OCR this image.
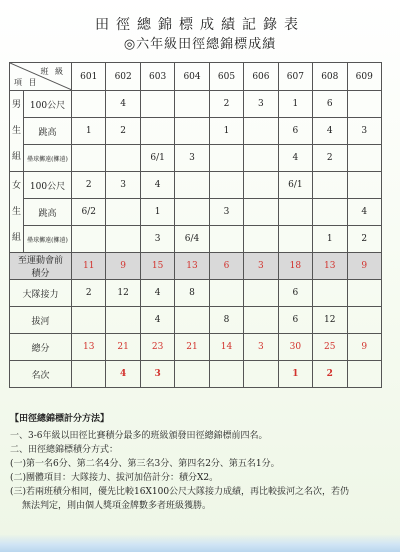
田徑總錦標成績記錄表
◎六年級田徑總錦標成績
班 級
項 目		601	602	603	604	605	606	607	608	609

男
生
組	100公尺		4			2	3	1	6	
	跳高	1	2			1		6	4	3
	壘球擲遠(擲遠)			6/1	3			4	2	

女
生
組	100公尺	2	3	4				6/1		
	跳高	6/2		1		3				4
	壘球擲遠(擲遠)			3	6/4				1	2

至運動會前
積分		11	9	15	13	6	3	18	13	9
大隊接力		2	12	4	8			6		
拔河				4		8		6	12	
總分		13	21	23	21	14	3	30	25	9
名次			4	3				1	2	
【田徑總錦標計分方法】
一、3-6年級以田徑比賽積分最多的班級頒發田徑總錦標前四名。
二、田徑總錦標積分方式：
(一)第一名6分、第二名4分、第三名3分、第四名2分、第五名1分。
(二)團體項目：大隊接力、拔河加倍計分：積分X2。
(三)若兩班積分相同，優先比較16X100公尺大隊接力成績，再比較拔河之名次，若仍
無法判定，則由個人獎項金牌數多者班級獲勝。
